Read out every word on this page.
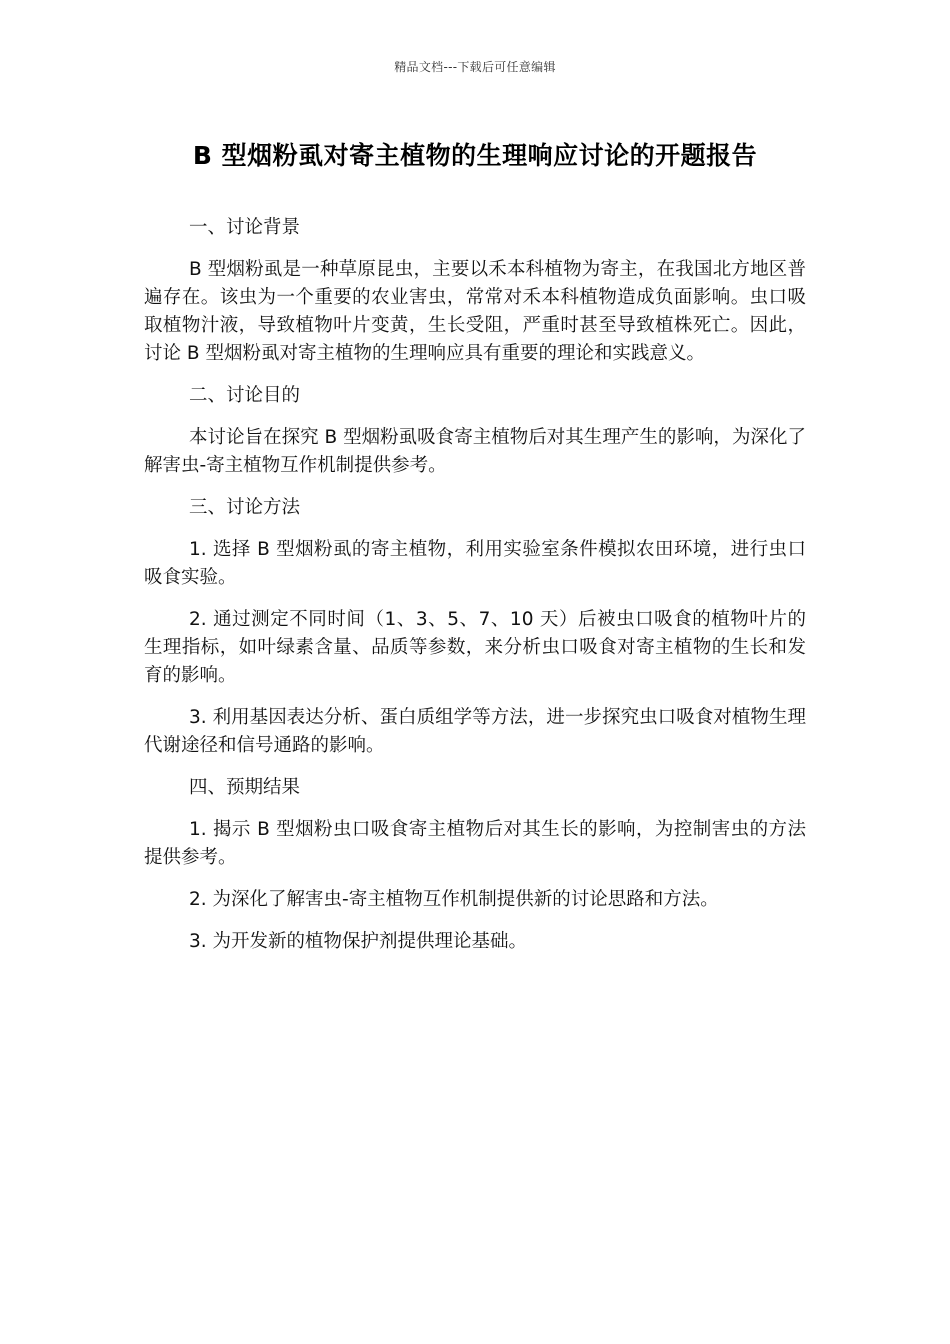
精品文档---下载后可任意编辑
B 型烟粉虱对寄主植物的生理响应讨论的开题报告

一、讨论背景

B 型烟粉虱是一种草原昆虫，主要以禾本科植物为寄主，在我国北方地区普遍存在。该虫为一个重要的农业害虫，常常对禾本科植物造成负面影响。虫口吸取植物汁液，导致植物叶片变黄，生长受阻，严重时甚至导致植株死亡。因此，讨论 B 型烟粉虱对寄主植物的生理响应具有重要的理论和实践意义。

二、讨论目的

本讨论旨在探究 B 型烟粉虱吸食寄主植物后对其生理产生的影响，为深化了解害虫-寄主植物互作机制提供参考。

三、讨论方法

1. 选择 B 型烟粉虱的寄主植物，利用实验室条件模拟农田环境，进行虫口吸食实验。

2. 通过测定不同时间（1、3、5、7、10 天）后被虫口吸食的植物叶片的生理指标，如叶绿素含量、品质等参数，来分析虫口吸食对寄主植物的生长和发育的影响。

3. 利用基因表达分析、蛋白质组学等方法，进一步探究虫口吸食对植物生理代谢途径和信号通路的影响。

四、预期结果

1. 揭示 B 型烟粉虫口吸食寄主植物后对其生长的影响，为控制害虫的方法提供参考。

2. 为深化了解害虫-寄主植物互作机制提供新的讨论思路和方法。

3. 为开发新的植物保护剂提供理论基础。
